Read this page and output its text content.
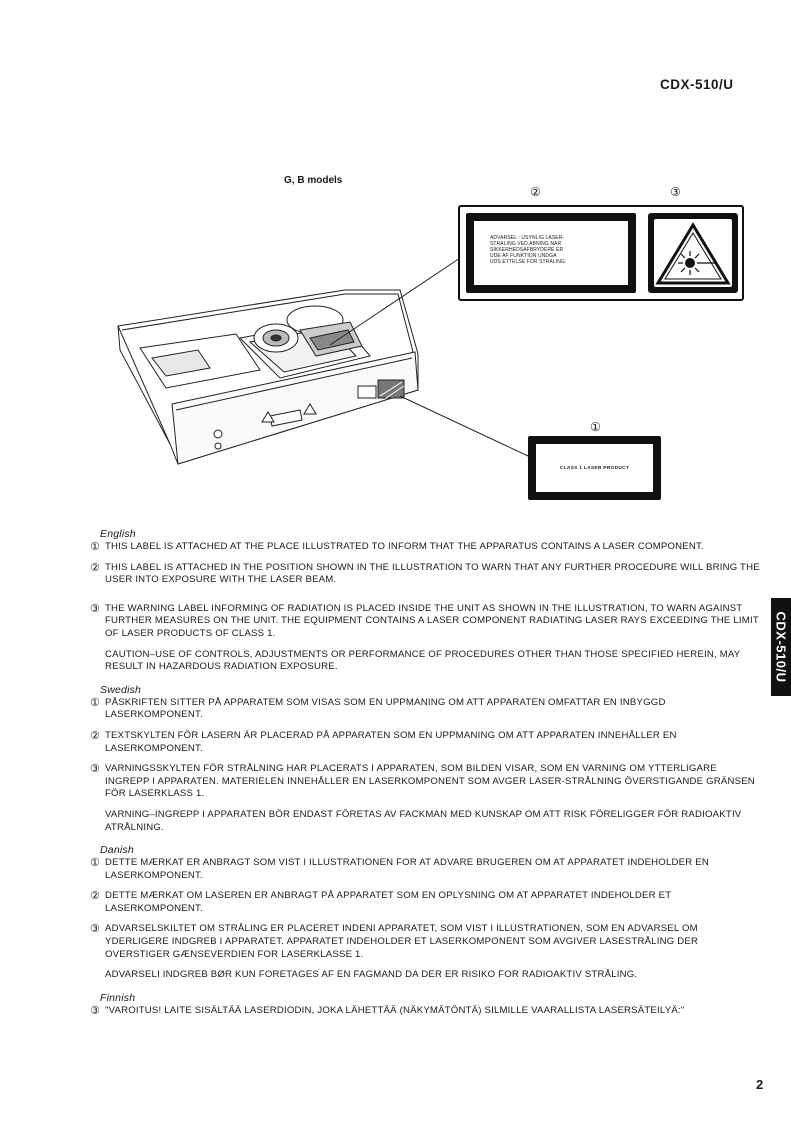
CDX-510/U
G, B models
②	③
①
ADVARSEL : USYNLIG LASER-
STRALING VED ABNING NAR
SIKKERHEDSAFBRYDERE ER
UDE AF FUNKTION UNDGA
UDS ETTELSE FOR STRALING.
CLASS 1 LASER PRODUCT
English
① THIS LABEL IS ATTACHED AT THE PLACE ILLUSTRATED TO INFORM THAT THE APPARATUS CONTAINS A LASER COMPONENT.
② THIS LABEL IS ATTACHED IN THE POSITION SHOWN IN THE ILLUSTRATION TO WARN THAT ANY FURTHER PROCEDURE WILL BRING THE USER INTO EXPOSURE WITH THE LASER BEAM.
③ THE WARNING LABEL INFORMING OF RADIATION IS PLACED INSIDE THE UNIT AS SHOWN IN THE ILLUSTRATION, TO WARN AGAINST FURTHER MEASURES ON THE UNIT. THE EQUIPMENT CONTAINS A LASER COMPONENT RADIATING LASER RAYS EXCEEDING THE LIMIT OF LASER PRODUCTS OF CLASS 1.
CAUTION–USE OF CONTROLS, ADJUSTMENTS OR PERFORMANCE OF PROCEDURES OTHER THAN THOSE SPECIFIED HEREIN, MAY RESULT IN HAZARDOUS RADIATION EXPOSURE.
Swedish
① PÅSKRIFTEN SITTER PÅ APPARATEM SOM VISAS SOM EN UPPMANING OM ATT APPARATEN OMFATTAR EN INBYGGD LASERKOMPONENT.
② TEXTSKYLTEN FÖR LASERN ÄR PLACERAD PÅ APPARATEN SOM EN UPPMANING OM ATT APPARATEN INNEHÅLLER EN LASERKOMPONENT.
③ VARNINGSSKYLTEN FÖR STRÅLNING HAR PLACERATS I APPARATEN, SOM BILDEN VISAR, SOM EN VARNING OM YTTERLIGARE INGREPP I APPARATEN. MATERIELEN INNEHÅLLER EN LASERKOMPONENT SOM AVGER LASER-STRÅLNING ÖVERSTIGANDE GRÄNSEN FÖR LASERKLASS 1.
VARNING–INGREPP I APPARATEN BÖR ENDAST FÖRETAS AV FACKMAN MED KUNSKAP OM ATT RISK FÖRELIGGER FÖR RADIOAKTIV ATRÅLNING.
Danish
① DETTE MÆRKAT ER ANBRAGT SOM VIST I ILLUSTRATIONEN FOR AT ADVARE BRUGEREN OM AT APPARATET INDEHOLDER EN LASERKOMPONENT.
② DETTE MÆRKAT OM LASEREN ER ANBRAGT PÅ APPARATET SOM EN OPLYSNING OM AT APPARATET INDEHOLDER ET LASERKOMPONENT.
③ ADVARSELSKILTET OM STRÅLING ER PLACERET INDENI APPARATET, SOM VIST I ILLUSTRATIONEN, SOM EN ADVARSEL OM YDERLIGERE INDGREB I APPARATET. APPARATET INDEHOLDER ET LASERKOMPONENT SOM AVGIVER LASESTRÅLING DER OVERSTIGER GÆNSEVERDIEN FOR LASERKLASSE 1.
ADVARSELI INDGREB BØR KUN FORETAGES AF EN FAGMAND DA DER ER RISIKO FOR RADIOAKTIV STRÅLING.
Finnish
③ "VAROITUS! LAITE SISÄLTÄÄ LASERDIODIN, JOKA LÄHETTÄÄ (NÄKYMÄTÖNTÄ) SILMILLE VAARALLISTA LASERSÄTEILYÄ:"
CDX-510/U
2
